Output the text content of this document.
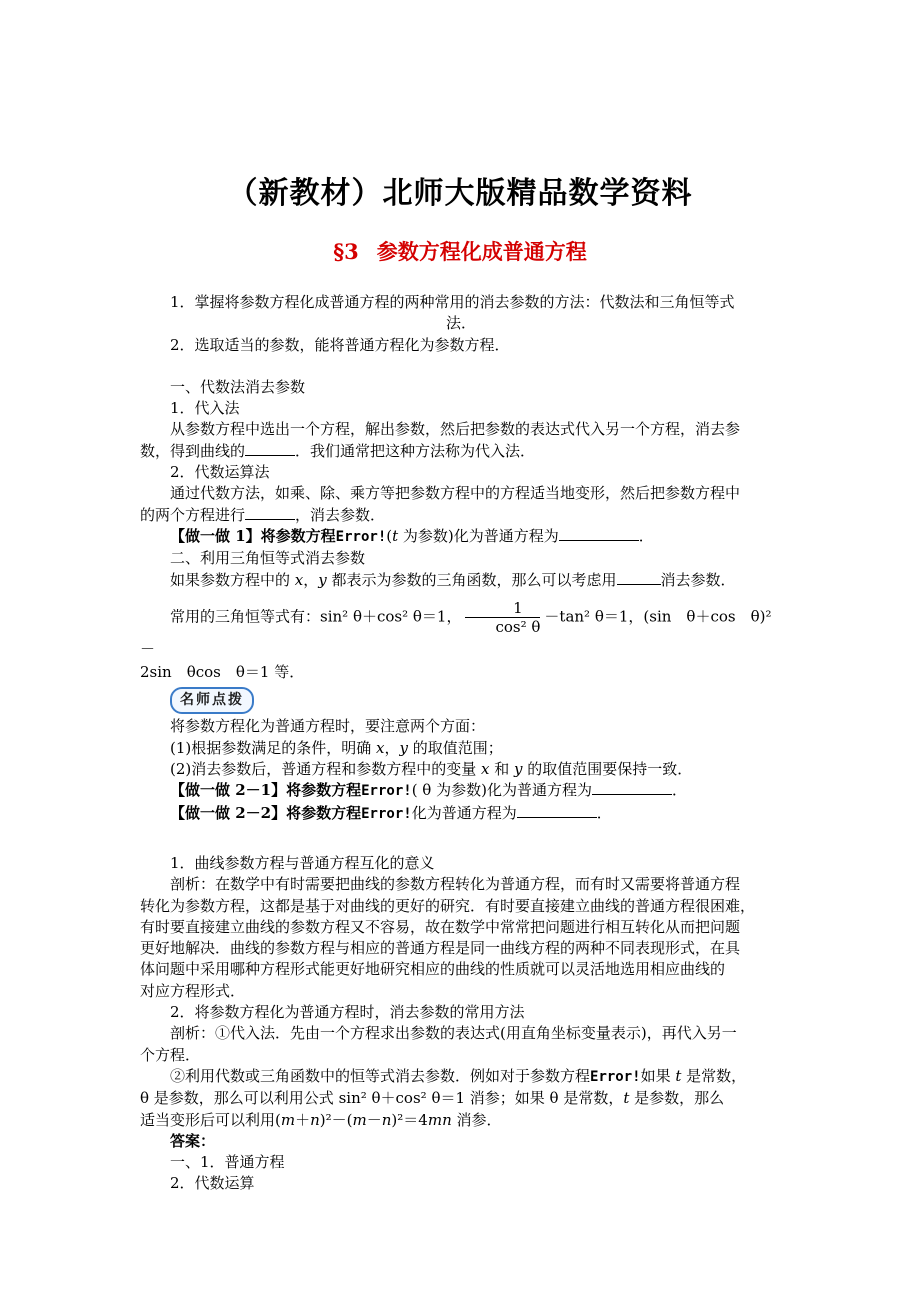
（新教材）北师大版精品数学资料
§3 参数方程化成普通方程

1．掌握将参数方程化成普通方程的两种常用的消去参数的方法：代数法和三角恒等式

法．

2．选取适当的参数，能将普通方程化为参数方程．

一、代数法消去参数

1．代入法

从参数方程中选出一个方程，解出参数，然后把参数的表达式代入另一个方程，消去参

数，得到曲线的	．我们通常把这种方法称为代入法．

2．代数运算法

通过代数方法，如乘、除、乘方等把参数方程中的方程适当地变形，然后把参数方程中

的两个方程进行	，消去参数．

【做一做 1】将参数方程Error!(t 为参数)化为普通方程为	．

二、利用三角恒等式消去参数

如果参数方程中的 x，y 都表示为参数的三角函数，那么可以考虑用	消去参数．

常用的三角恒等式有：sin² θ＋cos² θ＝1， $\frac{1}{\text{cos² θ}} -\tan^2$ θ＝1，(sin　θ＋cos　θ)²－

2sin　θcos　θ＝1 等．

名师点拨

将参数方程化为普通方程时，要注意两个方面：

(1)根据参数满足的条件，明确 x，y 的取值范围；

(2)消去参数后，普通方程和参数方程中的变量 x 和 y 的取值范围要保持一致．

【做一做 2－1】将参数方程Error!( θ 为参数)化为普通方程为	．

【做一做 2－2】将参数方程Error!化为普通方程为	．

1．曲线参数方程与普通方程互化的意义

剖析：在数学中有时需要把曲线的参数方程转化为普通方程，而有时又需要将普通方程

转化为参数方程，这都是基于对曲线的更好的研究．有时要直接建立曲线的普通方程很困难，

有时要直接建立曲线的参数方程又不容易，故在数学中常常把问题进行相互转化从而把问题

更好地解决．曲线的参数方程与相应的普通方程是同一曲线方程的两种不同表现形式，在具

体问题中采用哪种方程形式能更好地研究相应的曲线的性质就可以灵活地选用相应曲线的

对应方程形式．

2．将参数方程化为普通方程时，消去参数的常用方法

剖析：①代入法．先由一个方程求出参数的表达式(用直角坐标变量表示)，再代入另一

个方程．

②利用代数或三角函数中的恒等式消去参数．例如对于参数方程Error!如果 t 是常数，

θ 是参数，那么可以利用公式 sin² θ＋cos² θ＝1 消参；如果 θ 是常数，t 是参数，那么

适当变形后可以利用(m＋n)²－(m－n)²＝4mn 消参．

答案：

一、1．普通方程

2．代数运算
